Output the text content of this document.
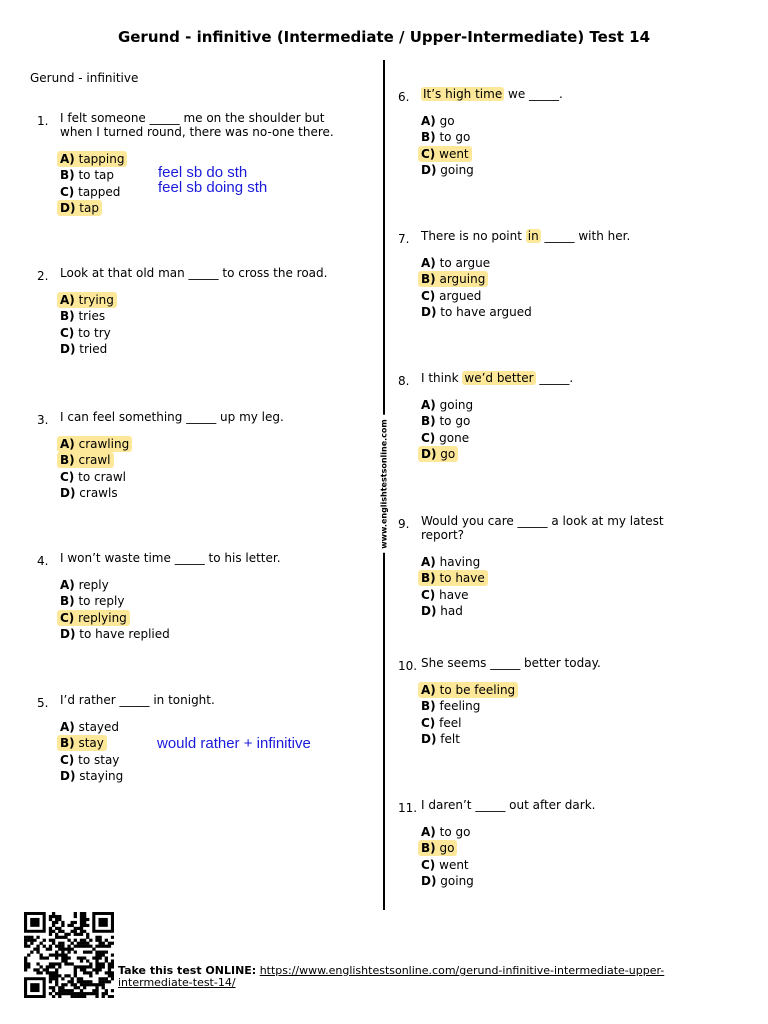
Gerund - infinitive (Intermediate / Upper-Intermediate) Test 14
Gerund - infinitive
www.englishtestsonline.com
1. I felt someone _____ me on the shoulder but when I turned round, there was no-one there.
A) tapping
B) to tap
C) tapped
D) tap
2. Look at that old man _____ to cross the road.
A) trying
B) tries
C) to try
D) tried
3. I can feel something _____ up my leg.
A) crawling
B) crawl
C) to crawl
D) crawls
4. I won’t waste time _____ to his letter.
A) reply
B) to reply
C) replying
D) to have replied
5. I’d rather _____ in tonight.
A) stayed
B) stay
C) to stay
D) staying
6. It’s high time we _____.
A) go
B) to go
C) went
D) going
7. There is no point in _____ with her.
A) to argue
B) arguing
C) argued
D) to have argued
8. I think we’d better _____.
A) going
B) to go
C) gone
D) go
9. Would you care _____ a look at my latest report?
A) having
B) to have
C) have
D) had
10. She seems _____ better today.
A) to be feeling
B) feeling
C) feel
D) felt
11. I daren’t _____ out after dark.
A) to go
B) go
C) went
D) going
feel sb do sth
feel sb doing sth
would rather + infinitive
Take this test ONLINE: https://www.englishtestsonline.com/gerund-infinitive-intermediate-upper-intermediate-test-14/
